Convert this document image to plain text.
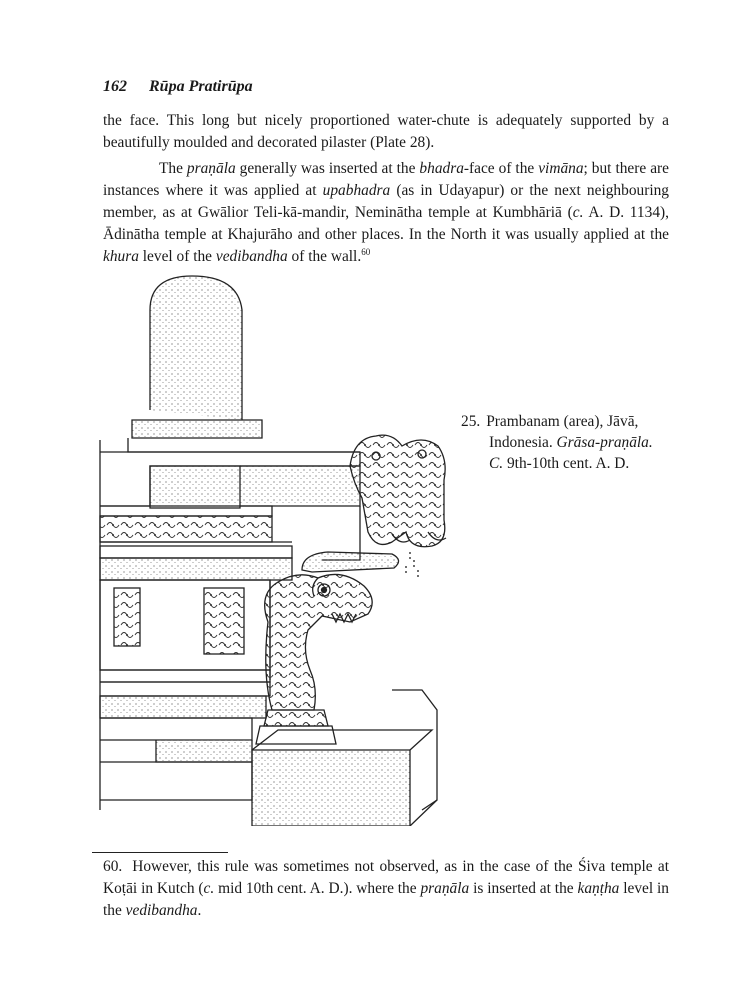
162 Rūpa Pratirūpa

the face. This long but nicely proportioned water-chute is adequately supported by a beautifully moulded and decorated pilaster (Plate 28).

The praṇāla generally was inserted at the bhadra-face of the vimāna; but there are instances where it was applied at upabhadra (as in Udayapur) or the next neighbouring member, as at Gwālior Teli-kā-mandir, Neminātha temple at Kumbhāriā (c. A. D. 1134), Ādinātha temple at Khajurāho and other places. In the North it was usually applied at the khura level of the vedibandha of the wall.$^{60}$

25. Prambanam (area), Jāvā,
Indonesia. Grāsa-praṇāla.
C. 9th-10th cent. A. D.

60. However, this rule was sometimes not observed, as in the case of the Śiva temple at Koṭāi in Kutch (c. mid 10th cent. A. D.). where the praṇāla is inserted at the kaṇṭha level in the vedibandha.
